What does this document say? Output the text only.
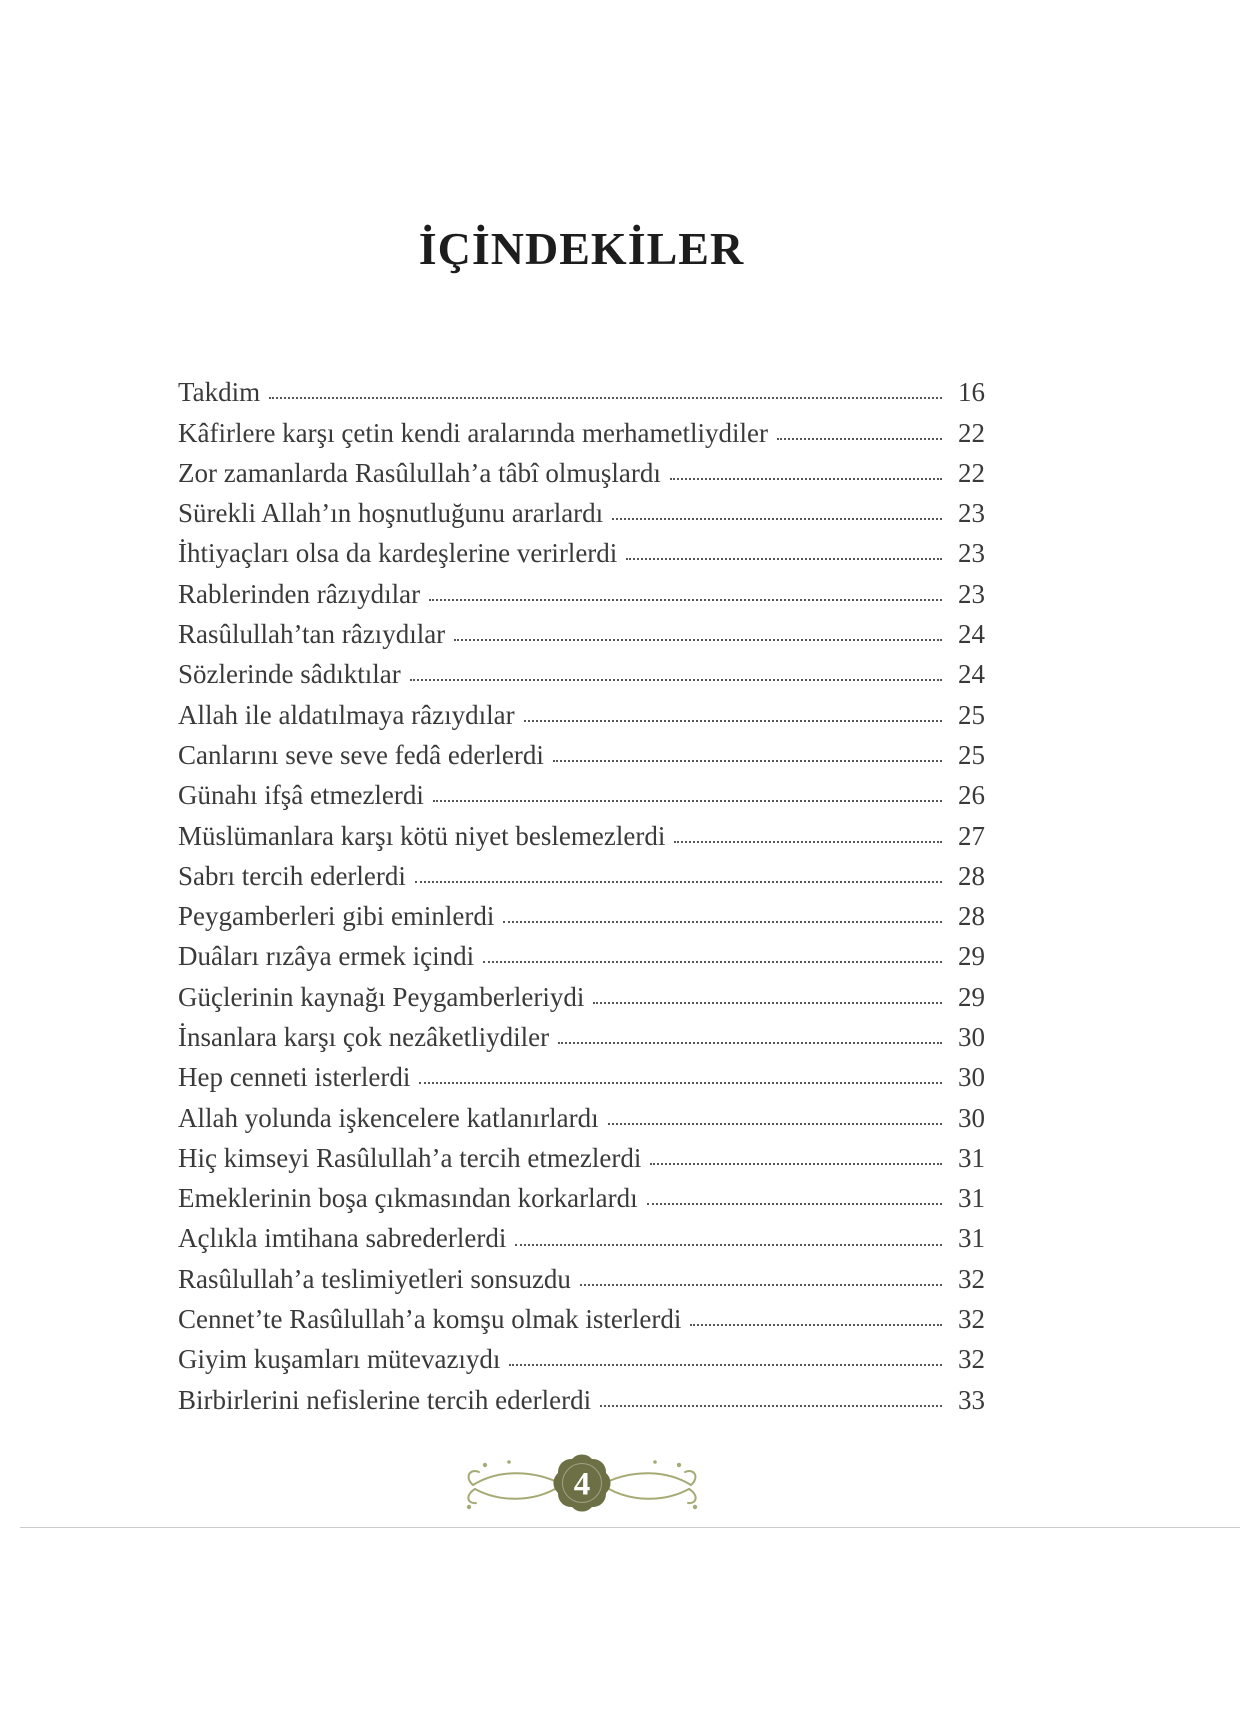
İÇİNDEKİLER
Takdim	16
Kâfirlere karşı çetin kendi aralarında merhametliydiler	22
Zor zamanlarda Rasûlullah’a tâbî olmuşlardı	22
Sürekli Allah’ın hoşnutluğunu ararlardı	23
İhtiyaçları olsa da kardeşlerine verirlerdi	23
Rablerinden râzıydılar	23
Rasûlullah’tan râzıydılar	24
Sözlerinde sâdıktılar	24
Allah ile aldatılmaya râzıydılar	25
Canlarını seve seve fedâ ederlerdi	25
Günahı ifşâ etmezlerdi	26
Müslümanlara karşı kötü niyet beslemezlerdi	27
Sabrı tercih ederlerdi	28
Peygamberleri gibi eminlerdi	28
Duâları rızâya ermek içindi	29
Güçlerinin kaynağı Peygamberleriydi	29
İnsanlara karşı çok nezâketliydiler	30
Hep cenneti isterlerdi	30
Allah yolunda işkencelere katlanırlardı	30
Hiç kimseyi Rasûlullah’a tercih etmezlerdi	31
Emeklerinin boşa çıkmasından korkarlardı	31
Açlıkla imtihana sabrederlerdi	31
Rasûlullah’a teslimiyetleri sonsuzdu	32
Cennet’te Rasûlullah’a komşu olmak isterlerdi	32
Giyim kuşamları mütevazıydı	32
Birbirlerini nefislerine tercih ederlerdi	33
4
